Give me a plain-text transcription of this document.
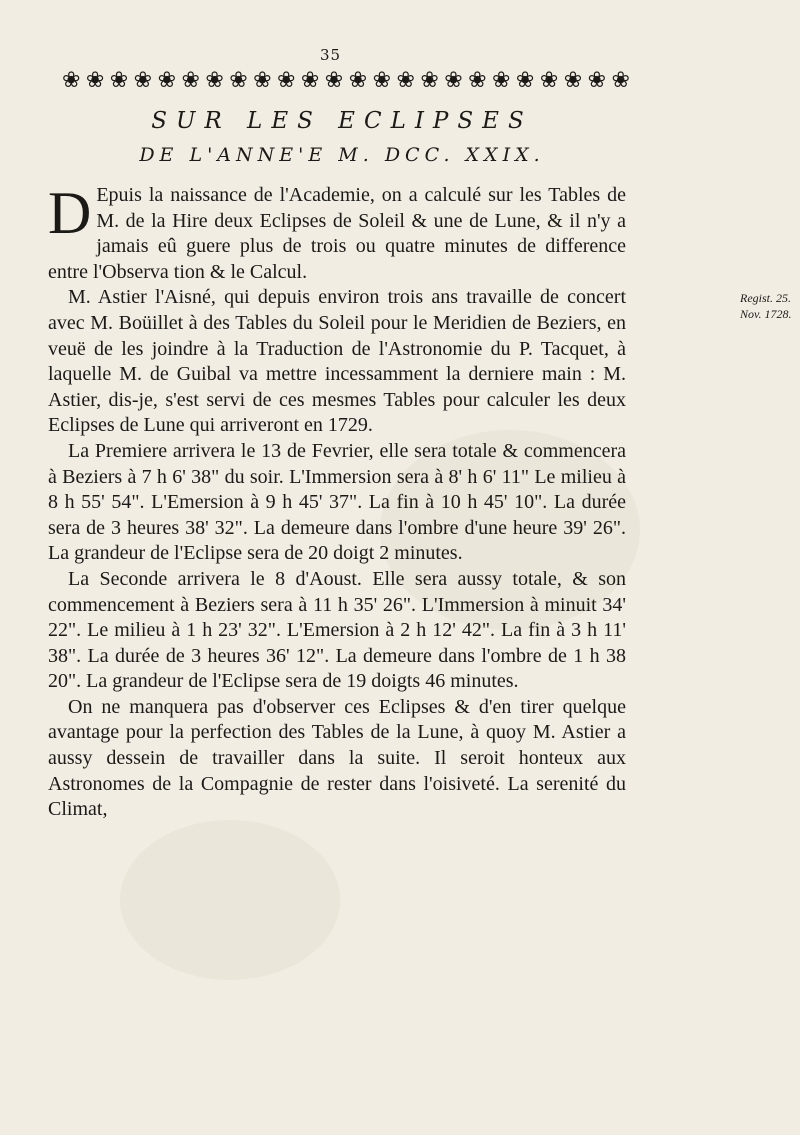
35
❀ ❀ ❀ ❀ ❀ ❀ ❀ ❀ ❀ ❀ ❀ ❀ ❀ ❀ ❀ ❀ ❀ ❀ ❀ ❀ ❀ ❀ ❀ ❀
SUR LES ECLIPSES
DE L'ANNE'E M. DCC. XXIX.
Regist. 25.
Nov. 1728.

D Epuis la naissance de l'Academie, on a calculé sur les Tables de M. de la Hire deux Eclipses de Soleil & une de Lune, & il n'y a jamais eû guere plus de trois ou quatre minutes de difference entre l'Observa tion & le Calcul.

M. Astier l'Aisné, qui depuis environ trois ans travaille de concert avec M. Boüillet à des Tables du Soleil pour le Meridien de Beziers, en veuë de les joindre à la Traduction de l'Astronomie du P. Tacquet, à laquelle M. de Guibal va mettre incessamment la derniere main : M. Astier, dis-je, s'est servi de ces mesmes Tables pour calculer les deux Eclipses de Lune qui arriveront en 1729.

La Premiere arrivera le 13 de Fevrier, elle sera totale & commencera à Beziers à 7 h 6' 38" du soir. L'Immersion sera à 8' h 6' 11" Le milieu à 8 h 55' 54". L'Emersion à 9 h 45' 37". La fin à 10 h 45' 10". La durée sera de 3 heures 38' 32". La demeure dans l'ombre d'une heure 39' 26". La grandeur de l'Eclipse sera de 20 doigt 2 minutes.

La Seconde arrivera le 8 d'Aoust. Elle sera aussy totale, & son commencement à Beziers sera à 11 h 35' 26". L'Immersion à minuit 34' 22". Le milieu à 1 h 23' 32". L'Emersion à 2 h 12' 42". La fin à 3 h 11' 38". La durée de 3 heures 36' 12". La demeure dans l'ombre de 1 h 38 20". La grandeur de l'Eclipse sera de 19 doigts 46 minutes.

On ne manquera pas d'observer ces Eclipses & d'en tirer quelque avantage pour la perfection des Tables de la Lune, à quoy M. Astier a aussy dessein de travailler dans la suite. Il seroit honteux aux Astronomes de la Compagnie de rester dans l'oisiveté. La serenité du Climat,
